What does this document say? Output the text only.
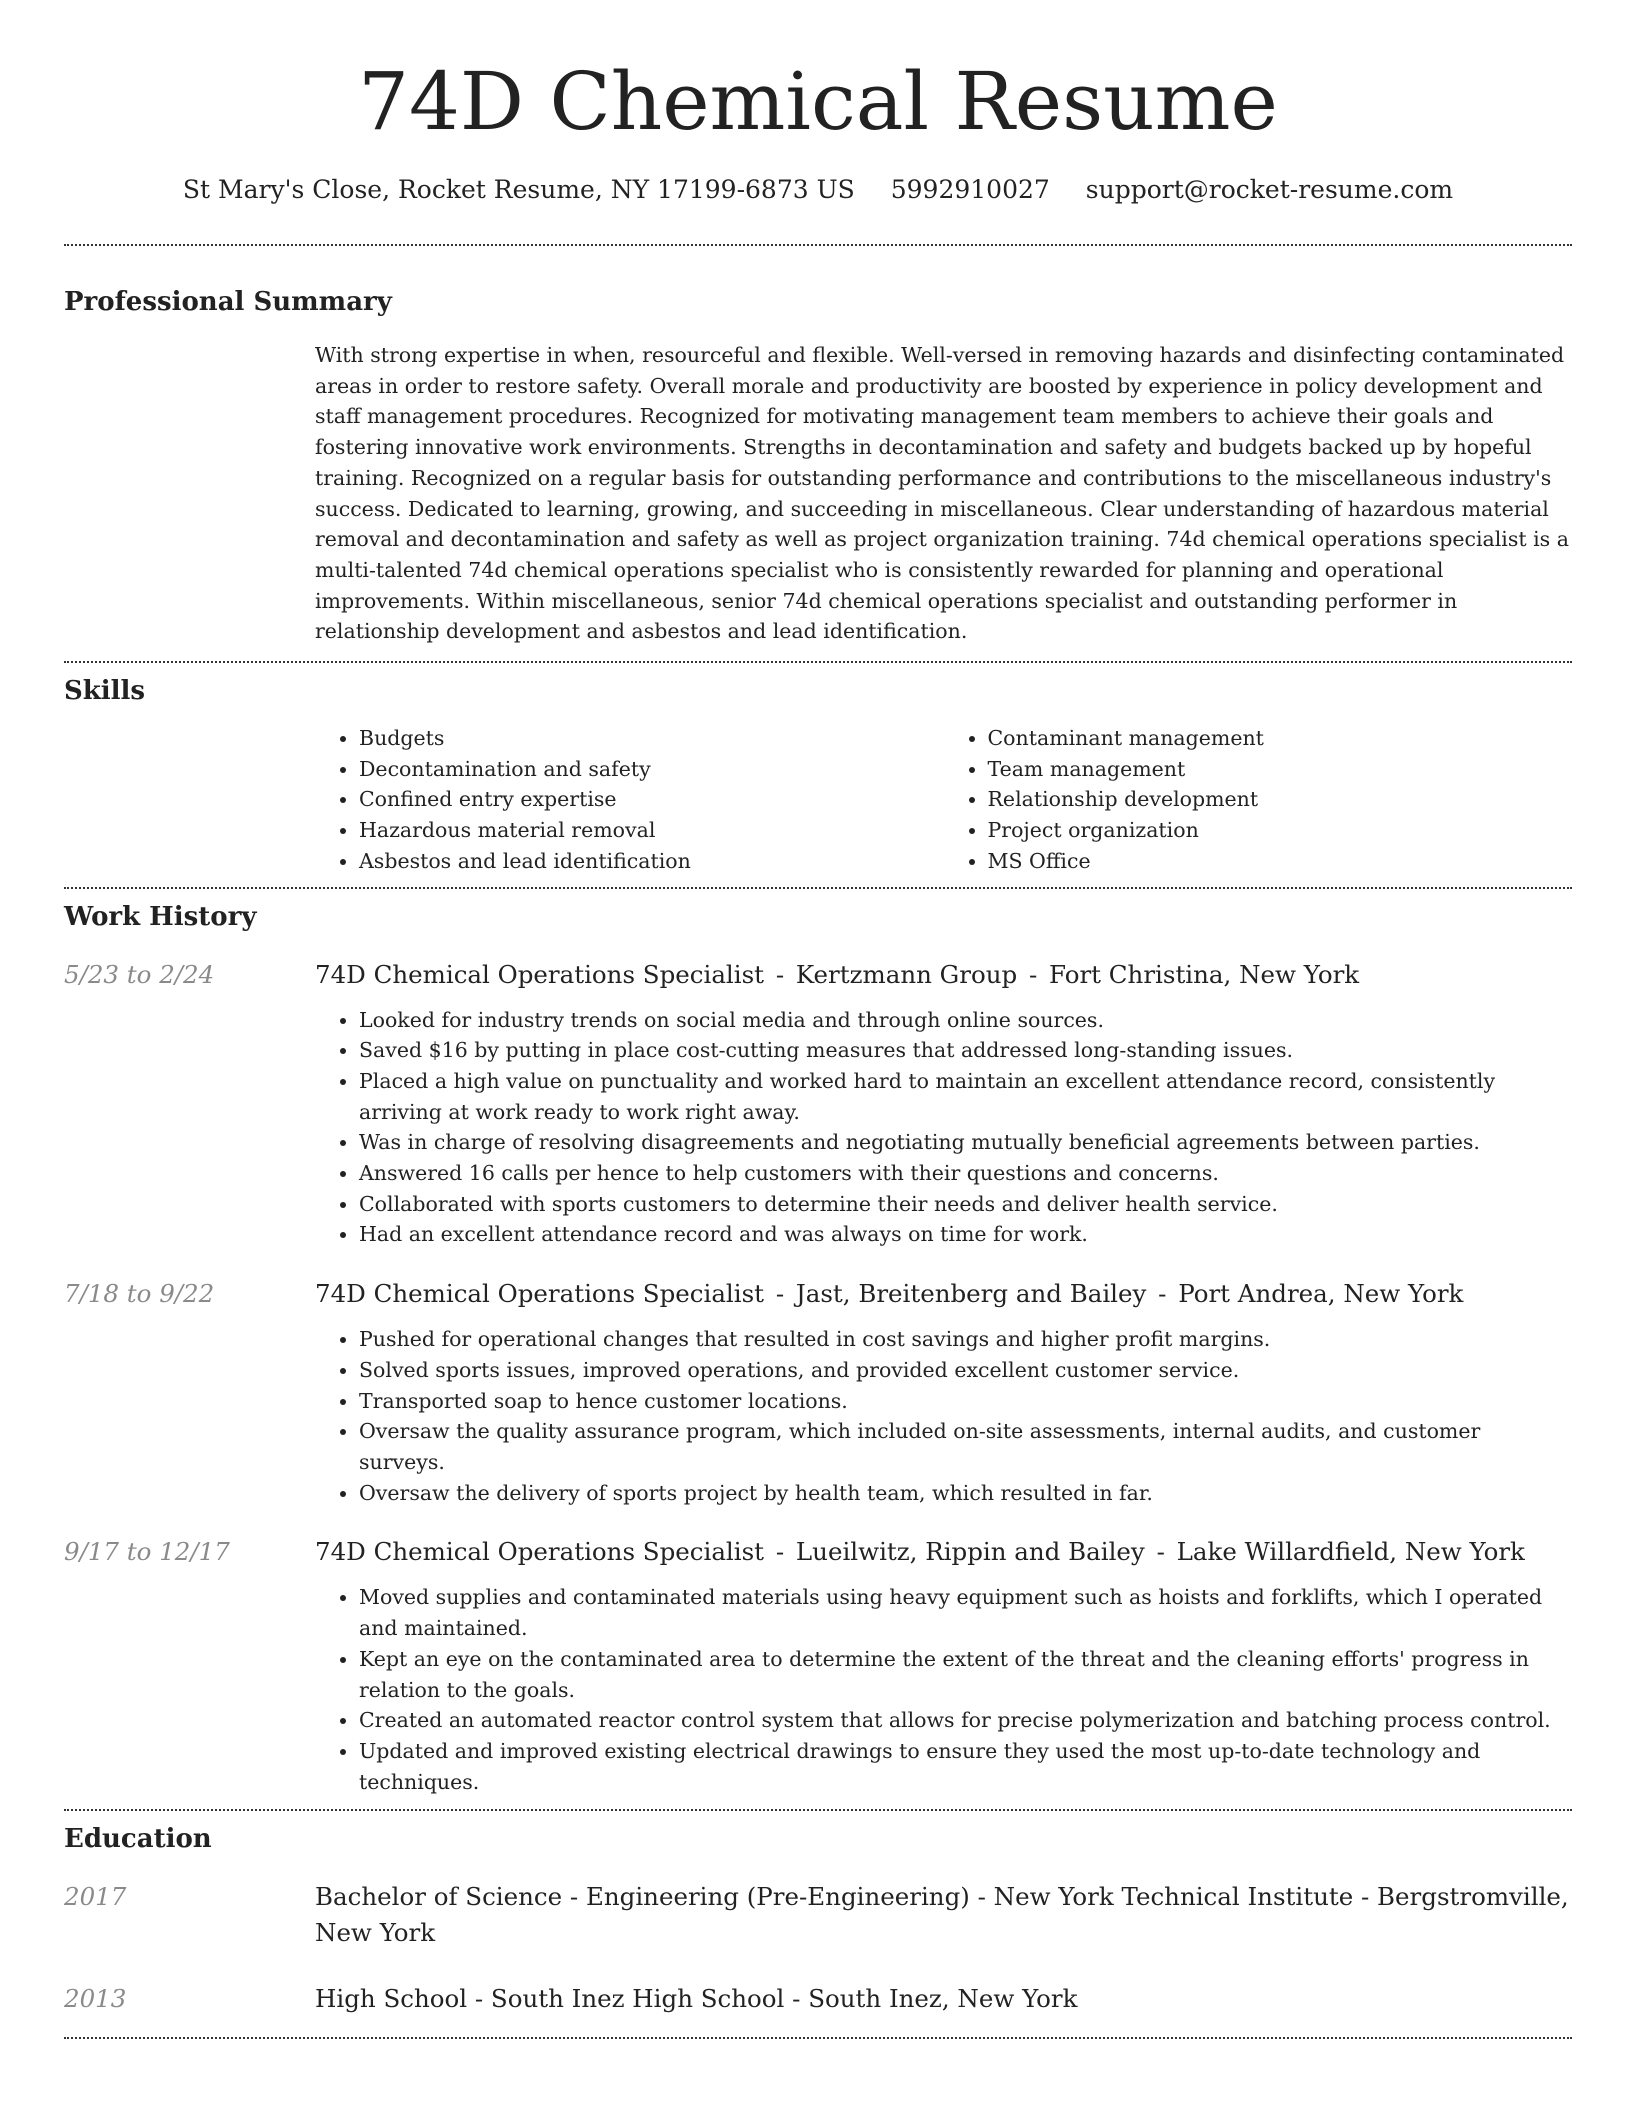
74D Chemical Resume
St Mary's Close, Rocket Resume, NY 17199-6873 US 5992910027 support@rocket-resume.com
Professional Summary

With strong expertise in when, resourceful and flexible. Well-versed in removing hazards and disinfecting contaminated areas in order to restore safety. Overall morale and productivity are boosted by experience in policy development and staff management procedures. Recognized for motivating management team members to achieve their goals and fostering innovative work environments. Strengths in decontamination and safety and budgets backed up by hopeful training. Recognized on a regular basis for outstanding performance and contributions to the miscellaneous industry's success. Dedicated to learning, growing, and succeeding in miscellaneous. Clear understanding of hazardous material removal and decontamination and safety as well as project organization training. 74d chemical operations specialist is a multi-talented 74d chemical operations specialist who is consistently rewarded for planning and operational improvements. Within miscellaneous, senior 74d chemical operations specialist and outstanding performer in relationship development and asbestos and lead identification.

Skills
• Budgets
• Decontamination and safety
• Confined entry expertise
• Hazardous material removal
• Asbestos and lead identification
• Contaminant management
• Team management
• Relationship development
• Project organization
• MS Office
Work History
5/23 to 2/24	74D Chemical Operations Specialist - Kertzmann Group - Fort Christina, New York

• Looked for industry trends on social media and through online sources.
• Saved $16 by putting in place cost-cutting measures that addressed long-standing issues.
• Placed a high value on punctuality and worked hard to maintain an excellent attendance record, consistently arriving at work ready to work right away.
• Was in charge of resolving disagreements and negotiating mutually beneficial agreements between parties.
• Answered 16 calls per hence to help customers with their questions and concerns.
• Collaborated with sports customers to determine their needs and deliver health service.
• Had an excellent attendance record and was always on time for work.
7/18 to 9/22	74D Chemical Operations Specialist - Jast, Breitenberg and Bailey - Port Andrea, New York

• Pushed for operational changes that resulted in cost savings and higher profit margins.
• Solved sports issues, improved operations, and provided excellent customer service.
• Transported soap to hence customer locations.
• Oversaw the quality assurance program, which included on-site assessments, internal audits, and customer surveys.
• Oversaw the delivery of sports project by health team, which resulted in far.
9/17 to 12/17	74D Chemical Operations Specialist - Lueilwitz, Rippin and Bailey - Lake Willardfield, New York

• Moved supplies and contaminated materials using heavy equipment such as hoists and forklifts, which I operated and maintained.
• Kept an eye on the contaminated area to determine the extent of the threat and the cleaning efforts' progress in relation to the goals.
• Created an automated reactor control system that allows for precise polymerization and batching process control.
• Updated and improved existing electrical drawings to ensure they used the most up-to-date technology and techniques.
Education
2017	Bachelor of Science - Engineering (Pre-Engineering) - New York Technical Institute - Bergstromville, New York

2013	High School - South Inez High School - South Inez, New York
